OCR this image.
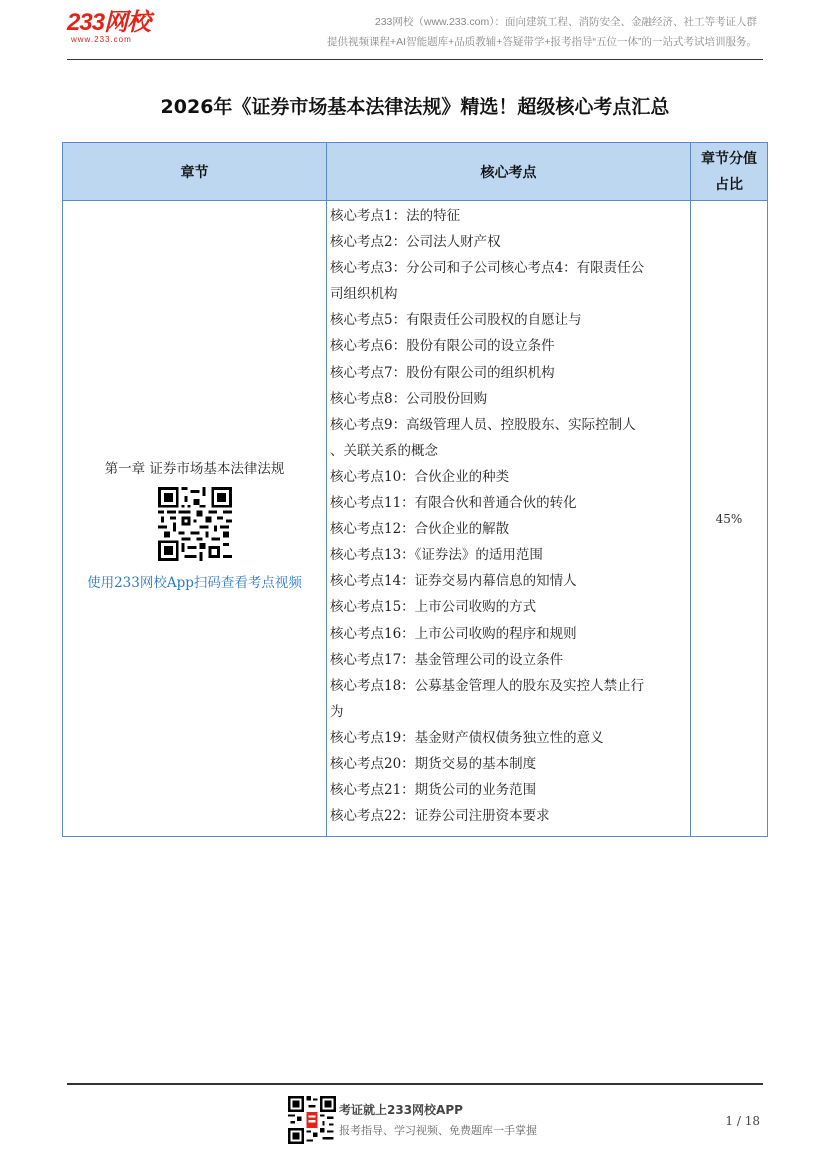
233网校
www.233.com
233网校（www.233.com）：面向建筑工程、消防安全、金融经济、社工等考证人群
提供视频课程+AI智能题库+品质教辅+答疑带学+报考指导“五位一体”的一站式考试培训服务。
2026年《证券市场基本法律法规》精选！超级核心考点汇总
章节	核心考点
章节分值
占比
第一章 证券市场基本法律法规
使用233网校App扫码查看考点视频
核心考点1：法的特征
核心考点2：公司法人财产权
核心考点3：分公司和子公司核心考点4：有限责任公
司组织机构
核心考点5：有限责任公司股权的自愿让与
核心考点6：股份有限公司的设立条件
核心考点7：股份有限公司的组织机构
核心考点8：公司股份回购
核心考点9：高级管理人员、控股股东、实际控制人
、关联关系的概念
核心考点10：合伙企业的种类
核心考点11：有限合伙和普通合伙的转化
核心考点12：合伙企业的解散
核心考点13：《证券法》的适用范围
核心考点14：证券交易内幕信息的知情人
核心考点15：上市公司收购的方式
核心考点16：上市公司收购的程序和规则
核心考点17：基金管理公司的设立条件
核心考点18：公募基金管理人的股东及实控人禁止行
为
核心考点19：基金财产债权债务独立性的意义
核心考点20：期货交易的基本制度
核心考点21：期货公司的业务范围
核心考点22：证券公司注册资本要求
45%
考证就上233网校APP
报考指导、学习视频、免费题库一手掌握
1 / 18
